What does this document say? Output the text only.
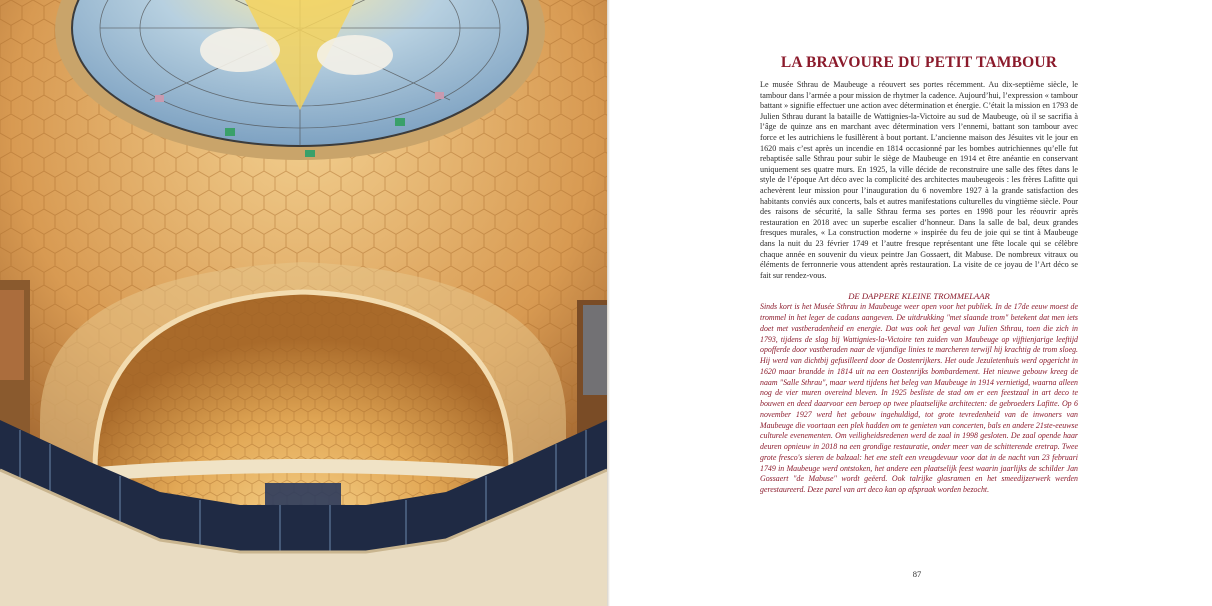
LA BRAVOURE DU PETIT TAMBOUR

Le musée Sthrau de Maubeuge a réouvert ses portes récemment. Au dix-septième siècle, le tambour dans l’armée a pour mission de rhytmer la cadence. Aujourd’hui, l’expression « tambour battant » signifie effectuer une action avec détermination et énergie. C’était la mission en 1793 de Julien Sthrau durant la bataille de Wattignies-la-Victoire au sud de Maubeuge, où il se sacrifia à l’âge de quinze ans en marchant avec détermination vers l’ennemi, battant son tambour avec force et les autrichiens le fusillèrent à bout portant. L’ancienne maison des Jésuites vit le jour en 1620 mais c’est après un incendie en 1814 occasionné par les bombes autrichiennes qu’elle fut rebaptisée salle Sthrau pour subir le siège de Maubeuge en 1914 et être anéantie en conservant uniquement ses quatre murs. En 1925, la ville décide de reconstruire une salle des fêtes dans le style de l’époque Art déco avec la complicité des architectes maubeugeois : les frères Lafitte qui achevèrent leur mission pour l’inauguration du 6 novembre 1927 à la grande satisfaction des habitants conviés aux concerts, bals et autres manifestations culturelles du vingtième siècle. Pour des raisons de sécurité, la salle Sthrau ferma ses portes en 1998 pour les réouvrir après restauration en 2018 avec un superbe escalier d’honneur. Dans la salle de bal, deux grandes fresques murales, « La construction moderne » inspirée du feu de joie qui se tint à Maubeuge dans la nuit du 23 février 1749 et l’autre fresque représentant une fête locale qui se célèbre chaque année en souvenir du vieux peintre Jan Gossaert, dit Mabuse. De nombreux vitraux ou éléments de ferronnerie vous attendent après restauration. La visite de ce joyau de l’Art déco se fait sur rendez-vous.

DE DAPPERE KLEINE TROMMELAAR

Sinds kort is het Musée Sthrau in Maubeuge weer open voor het publiek. In de 17de eeuw moest de trommel in het leger de cadans aangeven. De uitdrukking "met slaande trom" betekent dat men iets doet met vastberadenheid en energie. Dat was ook het geval van Julien Sthrau, toen die zich in 1793, tijdens de slag bij Wattignies-la-Victoire ten zuiden van Maubeuge op vijftienjarige leeftijd opofferde door vastberaden naar de vijandige linies te marcheren terwijl hij krachtig de trom sloeg. Hij werd van dichtbij gefusilleerd door de Oostenrijkers. Het oude Jezuïetenhuis werd opgericht in 1620 maar brandde in 1814 uit na een Oostenrijks bombardement. Het nieuwe gebouw kreeg de naam "Salle Sthrau", maar werd tijdens het beleg van Maubeuge in 1914 vernietigd, waarna alleen nog de vier muren overeind bleven. In 1925 besliste de stad om er een feestzaal in art deco te bouwen en deed daarvoor een beroep op twee plaatselijke architecten: de gebroeders Lafitte. Op 6 november 1927 werd het gebouw ingehuldigd, tot grote tevredenheid van de inwoners van Maubeuge die voortaan een plek hadden om te genieten van concerten, bals en andere 21ste-eeuwse culturele evenementen. Om veiligheidsredenen werd de zaal in 1998 gesloten. De zaal opende haar deuren opnieuw in 2018 na een grondige restauratie, onder meer van de schitterende eretrap. Twee grote fresco's sieren de balzaal: het ene stelt een vreugdevuur voor dat in de nacht van 23 februari 1749 in Maubeuge werd ontstoken, het andere een plaatselijk feest waarin jaarlijks de schilder Jan Gossaert "de Mabuse" wordt geëerd. Ook talrijke glasramen en het smeedijzerwerk werden gerestaureerd. Deze parel van art deco kan op afspraak worden bezocht.

87
